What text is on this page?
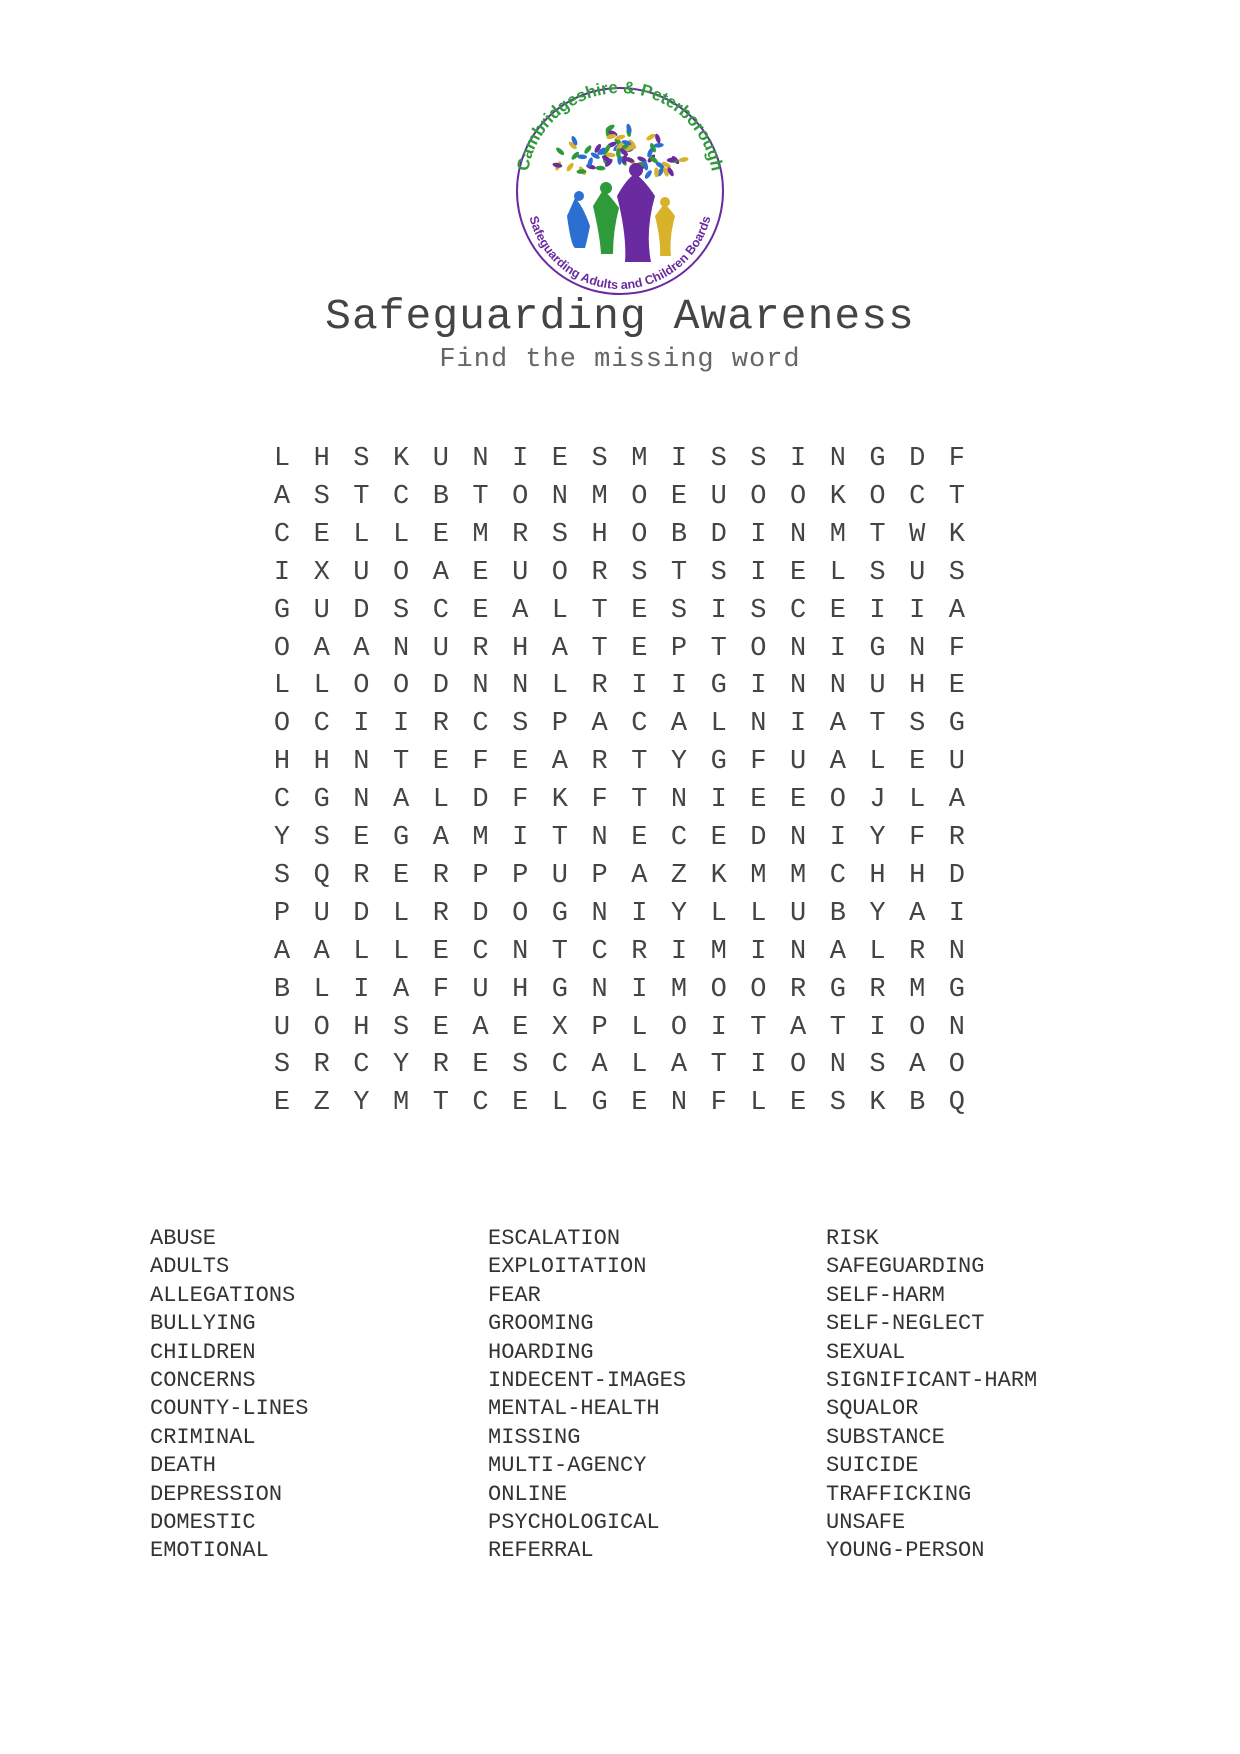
Cambridgeshire & Peterborough
Safeguarding Adults and Children Boards
Safeguarding Awareness
Find the missing word
L H S K U N I E S M I S S I N G D F
A S T C B T O N M O E U O O K O C T
C E L L E M R S H O B D I N M T W K
I X U O A E U O R S T S I E L S U S
G U D S C E A L T E S I S C E I I A
O A A N U R H A T E P T O N I G N F
L L O O D N N L R I I G I N N U H E
O C I I R C S P A C A L N I A T S G
H H N T E F E A R T Y G F U A L E U
C G N A L D F K F T N I E E O J L A
Y S E G A M I T N E C E D N I Y F R
S Q R E R P P U P A Z K M M C H H D
P U D L R D O G N I Y L L U B Y A I
A A L L E C N T C R I M I N A L R N
B L I A F U H G N I M O O R G R M G
U O H S E A E X P L O I T A T I O N
S R C Y R E S C A L A T I O N S A O
E Z Y M T C E L G E N F L E S K B Q
ABUSE
ADULTS
ALLEGATIONS
BULLYING
CHILDREN
CONCERNS
COUNTY-LINES
CRIMINAL
DEATH
DEPRESSION
DOMESTIC
EMOTIONAL
ESCALATION
EXPLOITATION
FEAR
GROOMING
HOARDING
INDECENT-IMAGES
MENTAL-HEALTH
MISSING
MULTI-AGENCY
ONLINE
PSYCHOLOGICAL
REFERRAL
RISK
SAFEGUARDING
SELF-HARM
SELF-NEGLECT
SEXUAL
SIGNIFICANT-HARM
SQUALOR
SUBSTANCE
SUICIDE
TRAFFICKING
UNSAFE
YOUNG-PERSON
